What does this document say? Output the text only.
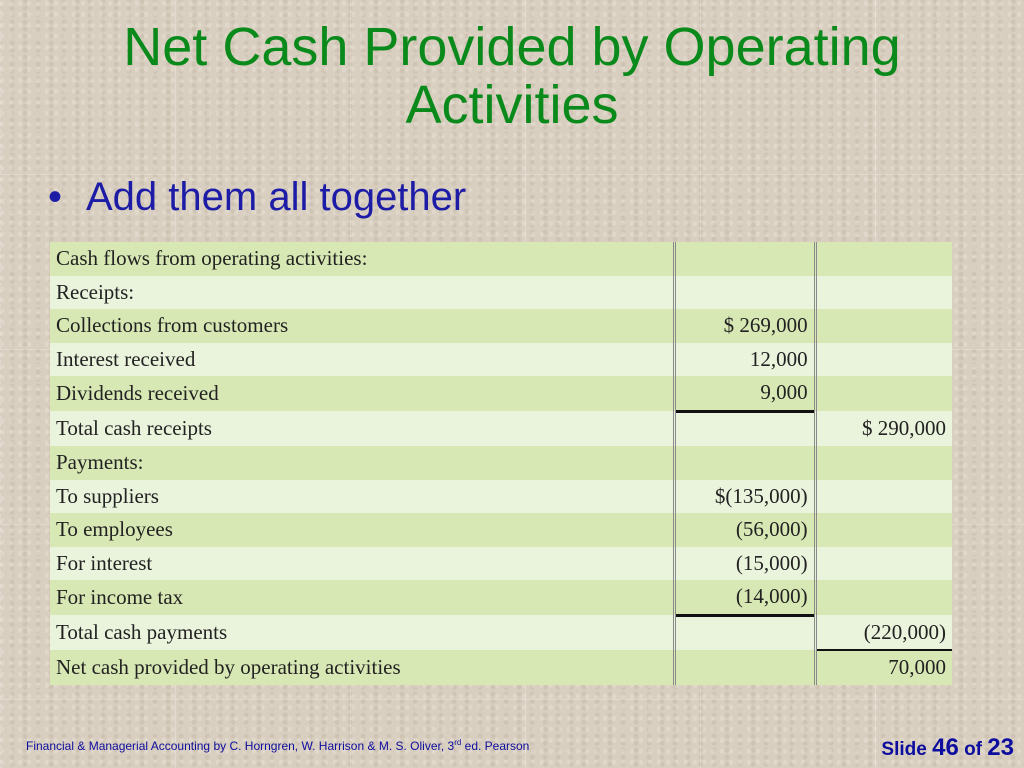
Net Cash Provided by Operating
Activities
• Add them all together
Cash flows from operating activities:		
Receipts:		
Collections from customers	$ 269,000	
Interest received	12,000	
Dividends received	9,000	
Total cash receipts		$ 290,000
Payments:		
To suppliers	$(135,000)	
To employees	(56,000)	
For interest	(15,000)	
For income tax	(14,000)	
Total cash payments		(220,000)
Net cash provided by operating activities		70,000
Financial & Managerial Accounting by C. Horngren, W. Harrison & M. S. Oliver, 3rd ed. Pearson	Slide 46 of 23
